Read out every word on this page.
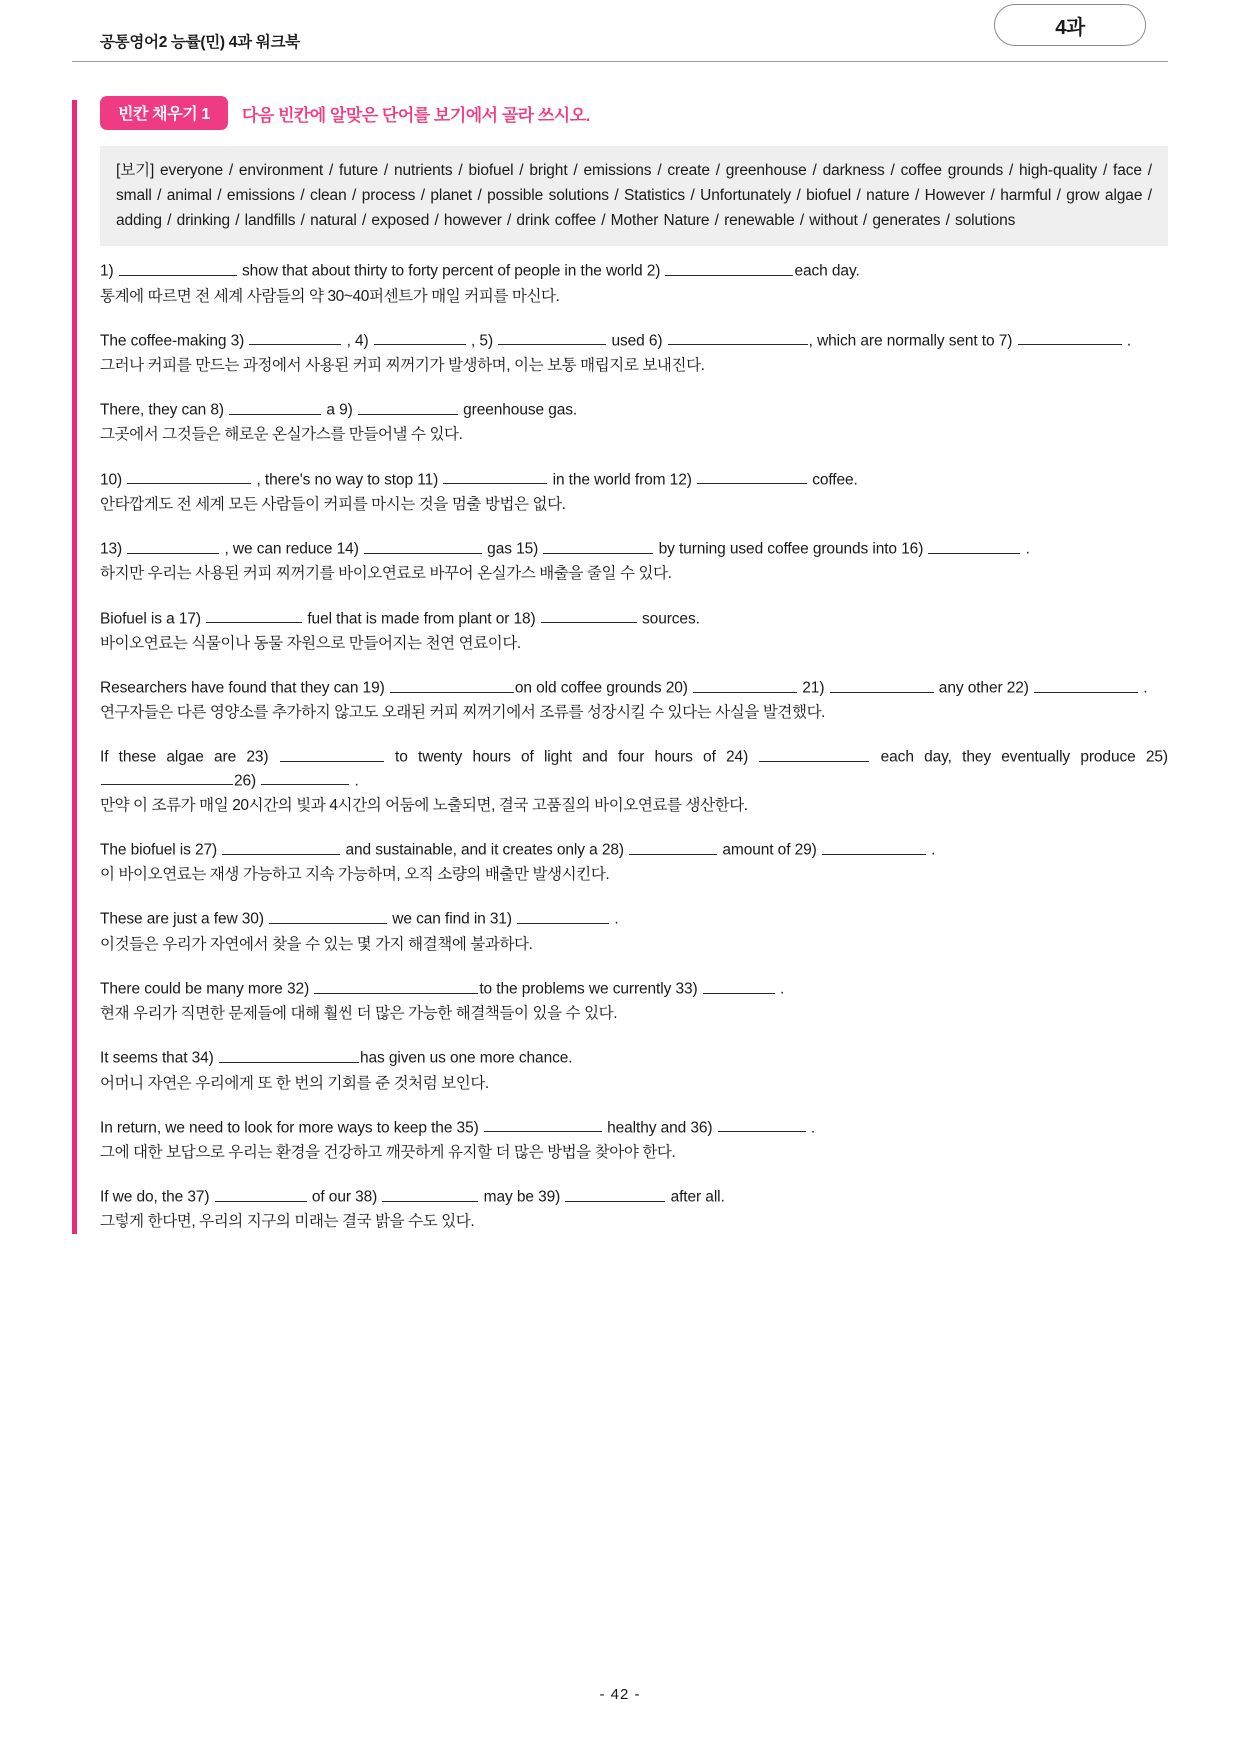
공통영어2 능률(민) 4과 워크북
4과
빈칸 채우기 1	다음 빈칸에 알맞은 단어를 보기에서 골라 쓰시오.
[보기] everyone / environment / future / nutrients / biofuel / bright / emissions / create / greenhouse / darkness / coffee grounds / high-quality / face / small / animal / emissions / clean / process / planet / possible solutions / Statistics / Unfortunately / biofuel / nature / However / harmful / grow algae / adding / drinking / landfills / natural / exposed / however / drink coffee / Mother Nature / renewable / without / generates / solutions
1)	show that about thirty to forty percent of people in the world 2)	each day.
통계에 따르면 전 세계 사람들의 약 30~40퍼센트가 매일 커피를 마신다.
The coffee-making 3)	, 4)	, 5)	used 6)	, which are normally sent to 7)	.
그러나 커피를 만드는 과정에서 사용된 커피 찌꺼기가 발생하며, 이는 보통 매립지로 보내진다.
There, they can 8)	a 9)	greenhouse gas.
그곳에서 그것들은 해로운 온실가스를 만들어낼 수 있다.
10)	, there's no way to stop 11)	in the world from 12)	coffee.
안타깝게도 전 세계 모든 사람들이 커피를 마시는 것을 멈출 방법은 없다.
13)	, we can reduce 14)	gas 15)	by turning used coffee grounds into 16)	.
하지만 우리는 사용된 커피 찌꺼기를 바이오연료로 바꾸어 온실가스 배출을 줄일 수 있다.
Biofuel is a 17)	fuel that is made from plant or 18)	sources.
바이오연료는 식물이나 동물 자원으로 만들어지는 천연 연료이다.
Researchers have found that they can 19)	on old coffee grounds 20)	21)	any other 22)	.
연구자들은 다른 영양소를 추가하지 않고도 오래된 커피 찌꺼기에서 조류를 성장시킬 수 있다는 사실을 발견했다.
If these algae are 23)	to twenty hours of light and four hours of 24)	each day, they eventually produce 25) 26)	.
만약 이 조류가 매일 20시간의 빛과 4시간의 어둠에 노출되면, 결국 고품질의 바이오연료를 생산한다.
The biofuel is 27)	and sustainable, and it creates only a 28)	amount of 29)	.
이 바이오연료는 재생 가능하고 지속 가능하며, 오직 소량의 배출만 발생시킨다.
These are just a few 30)	we can find in 31)	.
이것들은 우리가 자연에서 찾을 수 있는 몇 가지 해결책에 불과하다.
There could be many more 32)	to the problems we currently 33)	.
현재 우리가 직면한 문제들에 대해 훨씬 더 많은 가능한 해결책들이 있을 수 있다.
It seems that 34)	has given us one more chance.
어머니 자연은 우리에게 또 한 번의 기회를 준 것처럼 보인다.
In return, we need to look for more ways to keep the 35)	healthy and 36)	.
그에 대한 보답으로 우리는 환경을 건강하고 깨끗하게 유지할 더 많은 방법을 찾아야 한다.
If we do, the 37)	of our 38)	may be 39)	after all.
그렇게 한다면, 우리의 지구의 미래는 결국 밝을 수도 있다.
- 42 -
